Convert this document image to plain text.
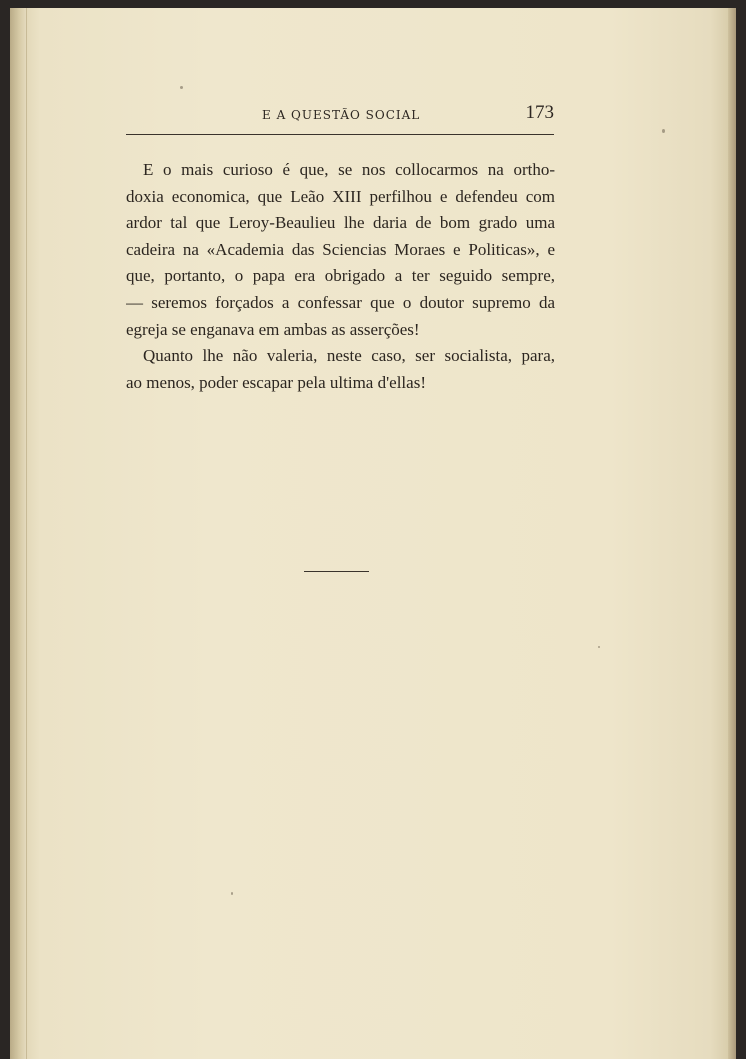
E A QUESTÃO SOCIAL	173
E o mais curioso é que, se nos collocarmos na ortho-
doxia economica, que Leão XIII perfilhou e defendeu com
ardor tal que Leroy-Beaulieu lhe daria de bom grado uma
cadeira na «Academia das Sciencias Moraes e Politicas», e
que, portanto, o papa era obrigado a ter seguido sempre,
— seremos forçados a confessar que o doutor supremo da
egreja se enganava em ambas as asserções!
Quanto lhe não valeria, neste caso, ser socialista, para,
ao menos, poder escapar pela ultima d'ellas!
